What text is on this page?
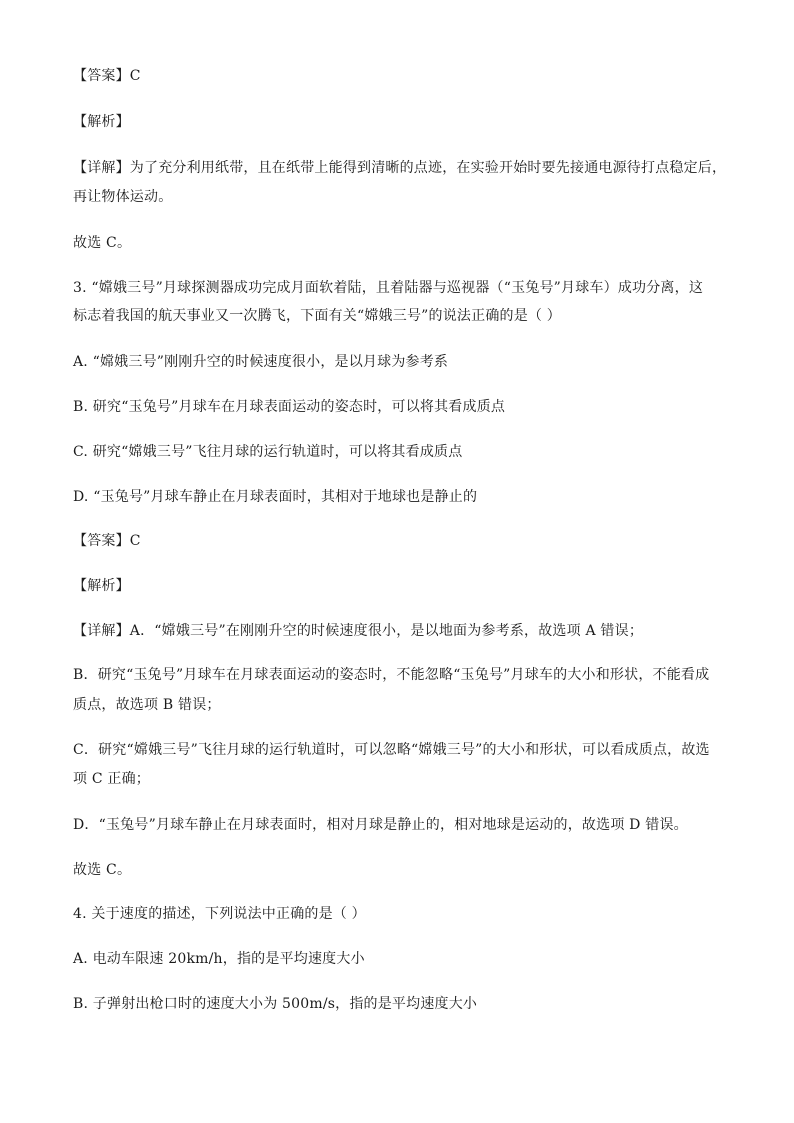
【答案】C
【解析】
【详解】为了充分利用纸带，且在纸带上能得到清晰的点迹，在实验开始时要先接通电源待打点稳定后，
再让物体运动。
故选 C。
3. “嫦娥三号”月球探测器成功完成月面软着陆，且着陆器与巡视器（“玉兔号”月球车）成功分离，这
标志着我国的航天事业又一次腾飞，下面有关“嫦娥三号”的说法正确的是（ ）
A. “嫦娥三号”刚刚升空的时候速度很小，是以月球为参考系
B. 研究“玉兔号”月球车在月球表面运动的姿态时，可以将其看成质点
C. 研究“嫦娥三号”飞往月球的运行轨道时，可以将其看成质点
D. “玉兔号”月球车静止在月球表面时，其相对于地球也是静止的
【答案】C
【解析】
【详解】A．“嫦娥三号”在刚刚升空的时候速度很小，是以地面为参考系，故选项 A 错误；
B．研究“玉兔号”月球车在月球表面运动的姿态时，不能忽略“玉兔号”月球车的大小和形状，不能看成
质点，故选项 B 错误；
C．研究“嫦娥三号”飞往月球的运行轨道时，可以忽略“嫦娥三号”的大小和形状，可以看成质点，故选
项 C 正确；
D．“玉兔号”月球车静止在月球表面时，相对月球是静止的，相对地球是运动的，故选项 D 错误。
故选 C。
4. 关于速度的描述，下列说法中正确的是（ ）
A. 电动车限速 20km/h，指的是平均速度大小
B. 子弹射出枪口时的速度大小为 500m/s，指的是平均速度大小
